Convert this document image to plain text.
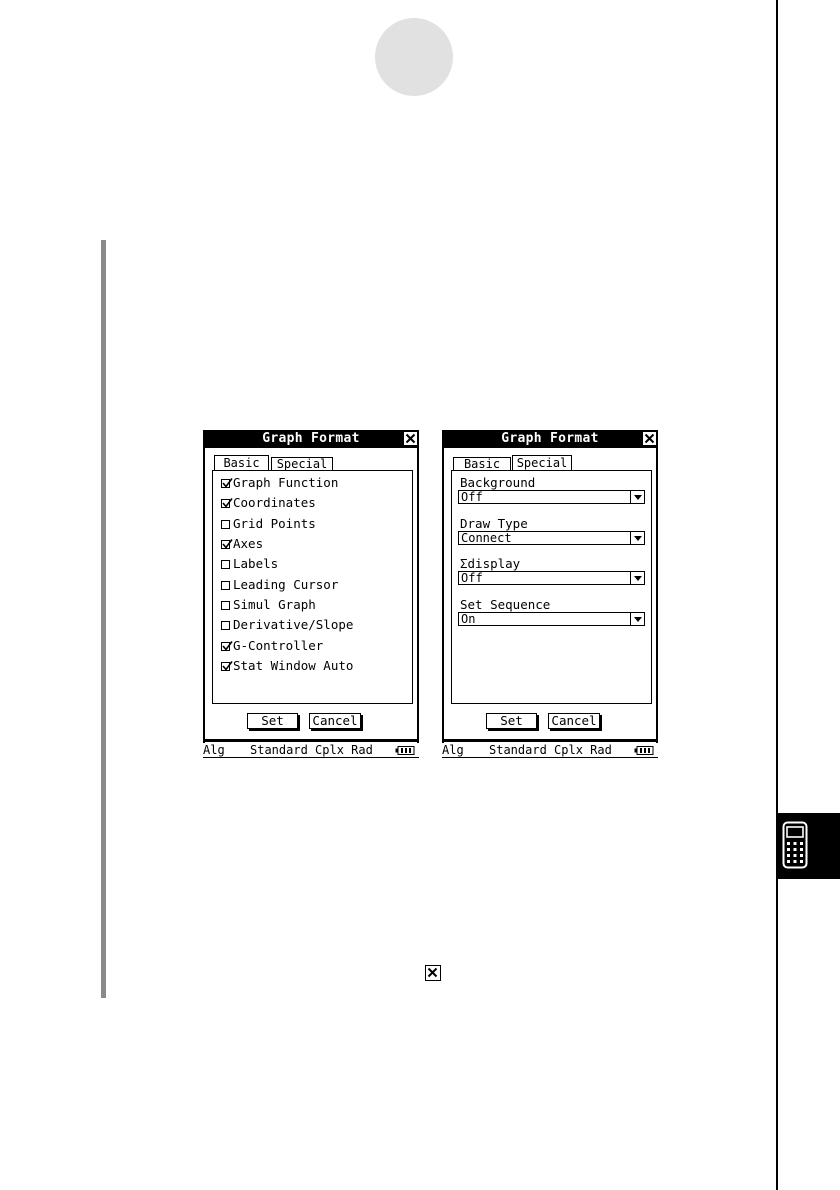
Graph Format
Basic	Special
Graph Function
Coordinates
Grid Points
Axes
Labels
Leading Cursor
Simul Graph
Derivative/Slope
G-Controller
Stat Window Auto
Set	Cancel
Alg Standard Cplx Rad
Graph Format
Basic	Special
Background
Off
Draw Type
Connect
Σdisplay
Off
Set Sequence
On
Set	Cancel
Alg Standard Cplx Rad
